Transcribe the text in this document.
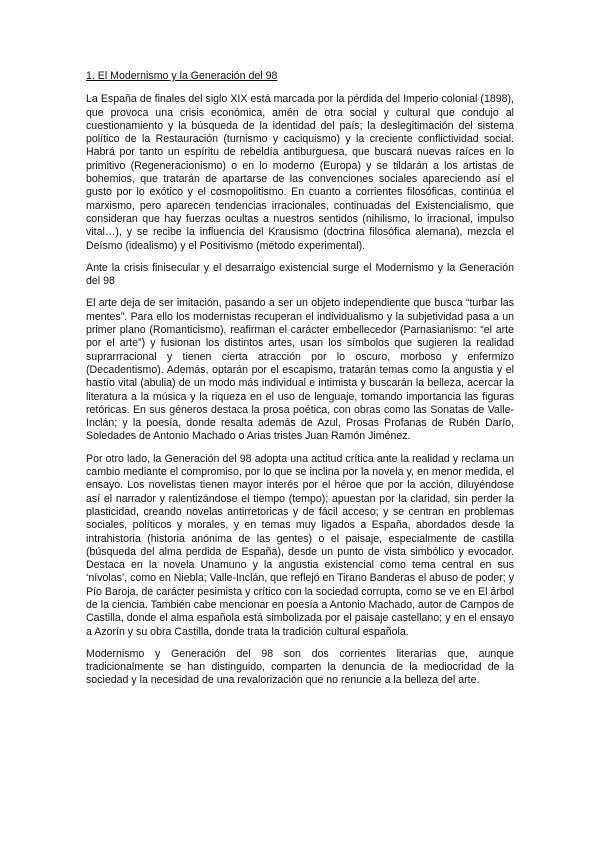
1. El Modernismo y la Generación del 98

La España de finales del siglo XIX está marcada por la pérdida del Imperio colonial (1898), que provoca una crisis económica, amén de otra social y cultural que condujo al cuestionamiento y la búsqueda de la identidad del país; la deslegitimación del sistema político de la Restauración (turnismo y caciquismo) y la creciente conflictividad social. Habrá por tanto un espíritu de rebeldía antiburguesa, que buscará nuevas raíces en lo primitivo (Regeneracionismo) o en lo moderno (Europa) y se tildarán a los artistas de bohemios, que tratarán de apartarse de las convenciones sociales apareciendo así el gusto por lo exótico y el cosmopolitismo. En cuanto a corrientes filosóficas, continúa el marxismo, pero aparecen tendencias irracionales, continuadas del Existencialismo, que consideran que hay fuerzas ocultas a nuestros sentidos (nihilismo, lo irracional, impulso vital…), y se recibe la influencia del Krausismo (doctrina filosófica alemana), mezcla el Deísmo (idealismo) y el Positivismo (método experimental).

Ante la crisis finisecular y el desarraigo existencial surge el Modernismo y la Generación del 98

El arte deja de ser imitación, pasando a ser un objeto independiente que busca “turbar las mentes”. Para ello los modernistas recuperan el individualismo y la subjetividad pasa a un primer plano (Romanticismo), reafirman el carácter embellecedor (Parnasianismo: “el arte por el arte”) y fusionan los distintos artes, usan los símbolos que sugieren la realidad suprarrracional y tienen cierta atracción por lo oscuro, morboso y enfermizo (Decadentismo). Además, optarán por el escapismo, tratarán temas como la angustia y el hastío vital (abulia) de un modo más individual e intimista y buscarán la belleza, acercar la literatura a la música y la riqueza en el uso de lenguaje, tomando importancia las figuras retóricas. En sus géneros destaca la prosa poética, con obras como las Sonatas de Valle-Inclán; y la poesía, donde resalta además de Azul, Prosas Profanas de Rubén Darío, Soledades de Antonio Machado o Arias tristes Juan Ramón Jiménez.

Por otro lado, la Generación del 98 adopta una actitud crítica ante la realidad y reclama un cambio mediante el compromiso, por lo que se inclina por la novela y, en menor medida, el ensayo. Los novelistas tienen mayor interés por el héroe que por la acción, diluyéndose así el narrador y ralentizándose el tiempo (tempo); apuestan por la claridad, sin perder la plasticidad, creando novelas antirretoricas y de fácil acceso; y se centran en problemas sociales, políticos y morales, y en temas muy ligados a España, abordados desde la intrahistoria (historia anónima de las gentes) o el paisaje, especialmente de castilla (búsqueda del alma perdida de España), desde un punto de vista simbólico y evocador. Destaca en la novela Unamuno y la angustia existencial como tema central en sus ‘nívolas’, como en Niebla; Valle-Inclán, que reflejó en Tirano Banderas el abuso de poder; y Pío Baroja, de carácter pesimista y crítico con la sociedad corrupta, como se ve en El árbol de la ciencia. También cabe mencionar en poesía a Antonio Machado, autor de Campos de Castilla, donde el alma española está simbolizada por el paisaje castellano; y en el ensayo a Azorín y su obra Castilla, donde trata la tradición cultural española.

Modernismo y Generación del 98 son dos corrientes literarias que, aunque tradicionalmente se han distinguido, comparten la denuncia de la mediocridad de la sociedad y la necesidad de una revalorización que no renuncie a la belleza del arte.
